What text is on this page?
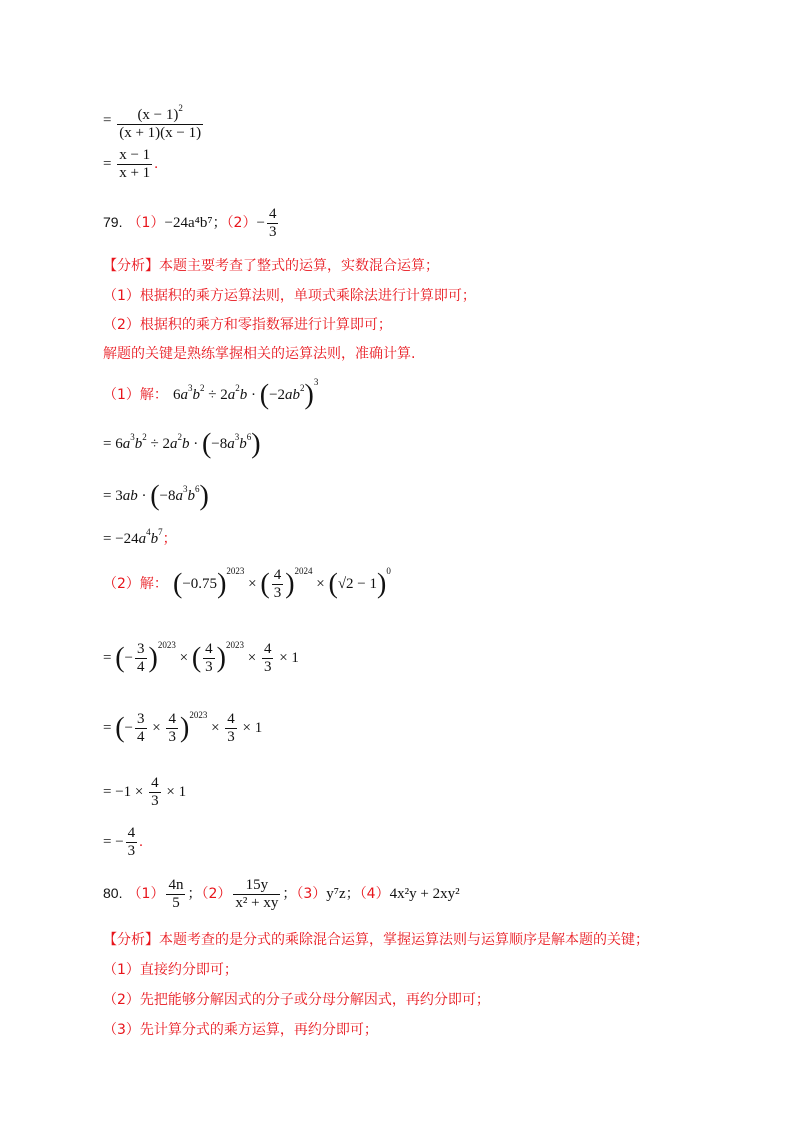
= $\frac{(x - 1)^2}{(x + 1)(x - 1)}$
= $\frac{x - 1}{x + 1}$ .
79. （1）−24a⁴b⁷；$(2)- \frac{4}{3}$
【分析】本题主要考查了整式的运算，实数混合运算；
（1）根据积的乘方运算法则，单项式乘除法进行计算即可；
（2）根据积的乘方和零指数幂进行计算即可；
解题的关键是熟练掌握相关的运算法则，准确计算.
（1）解： $6a^3b^2 \div 2a^2b \cdot (-2ab^2)^3$
= $6a^3b^2 \div 2a^2b \cdot (-8a^3b^6)$
= $3ab \cdot (-8a^3b^6)$
= $-24a^4b^7$；
（2）解： $(-0.75)^{2023}$ × ( $\frac{4}{3} )^{2024} \times (√2 - 1)^0$
= (− $\frac{3}{4} )^{2023}$ × ( $\frac{4}{3} )^{2023} \times \frac{4}{3} \times 1$
= (− $\frac{3}{4} \times \frac{4}{3} )^{2023} \times \frac{4}{3} \times 1$
= $-1 \times \frac{4}{3} \times 1$
= − $\frac{4}{3}$ .
80. $(1) \frac{4n}{5}$ ；$(2) \frac{15y}{\text{x² + xy}}$ ；（3）y⁷z；（4）4x²y + 2xy²
【分析】本题考查的是分式的乘除混合运算，掌握运算法则与运算顺序是解本题的关键；
（1）直接约分即可；
（2）先把能够分解因式的分子或分母分解因式，再约分即可；
（3）先计算分式的乘方运算，再约分即可；
